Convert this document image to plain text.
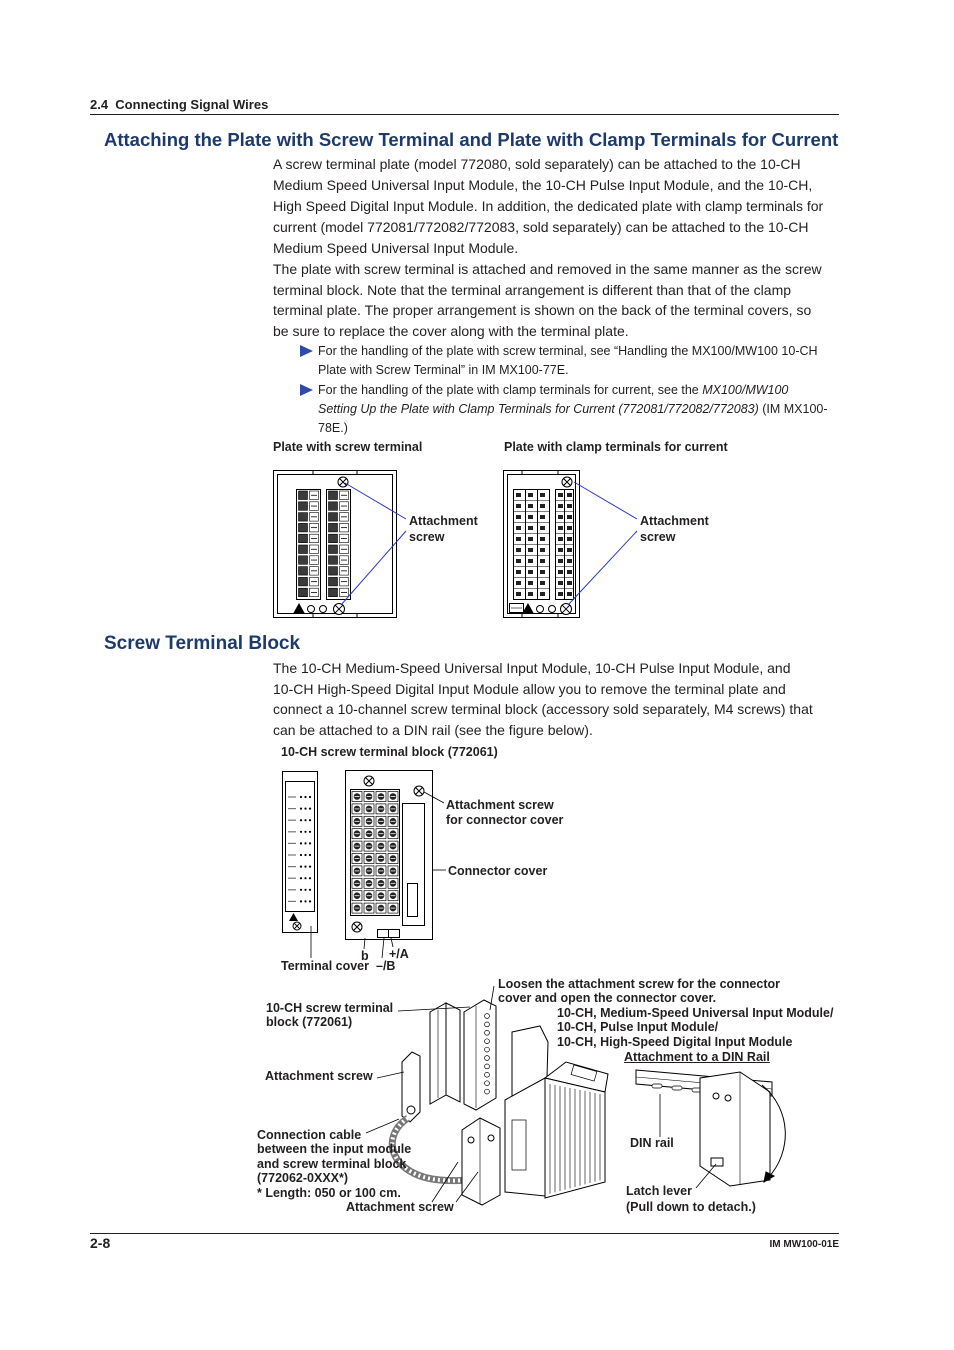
2.4  Connecting Signal Wires
Attaching the Plate with Screw Terminal and Plate with Clamp Terminals for Current
A screw terminal plate (model 772080, sold separately) can be attached to the 10-CH
Medium Speed Universal Input Module, the 10-CH Pulse Input Module, and the 10-CH,
High Speed Digital Input Module. In addition, the dedicated plate with clamp terminals for
current (model 772081/772082/772083, sold separately) can be attached to the 10-CH
Medium Speed Universal Input Module.
The plate with screw terminal is attached and removed in the same manner as the screw
terminal block. Note that the terminal arrangement is different than that of the clamp
terminal plate. The proper arrangement is shown on the back of the terminal covers, so
be sure to replace the cover along with the terminal plate.
For the handling of the plate with screw terminal, see “Handling the MX100/MW100 10-CH
Plate with Screw Terminal” in IM MX100-77E.
For the handling of the plate with clamp terminals for current, see the MX100/MW100
Setting Up the Plate with Clamp Terminals for Current (772081/772082/772083) (IM MX100-
78E.)
Plate with screw terminal	Plate with clamp terminals for current
Attachment
screw
Attachment
screw
Screw Terminal Block
The 10-CH Medium-Speed Universal Input Module, 10-CH Pulse Input Module, and
10-CH High-Speed Digital Input Module allow you to remove the terminal plate and
connect a 10-channel screw terminal block (accessory sold separately, M4 screws) that
can be attached to a DIN rail (see the figure below).
10-CH screw terminal block (772061)
Attachment screw
for connector cover
Connector cover
b +/A
Terminal cover –/B
Loosen the attachment screw for the connector
cover and open the connector cover.
10-CH screw terminal
block (772061)
10-CH, Medium-Speed Universal Input Module/
10-CH, Pulse Input Module/
10-CH, High-Speed Digital Input Module
Attachment to a DIN Rail
Attachment screw
Connection cable
between the input module
and screw terminal block
(772062-0XXX*)
* Length: 050 or 100 cm.
Attachment screw
DIN rail
Latch lever
(Pull down to detach.)
2-8	IM MW100-01E
